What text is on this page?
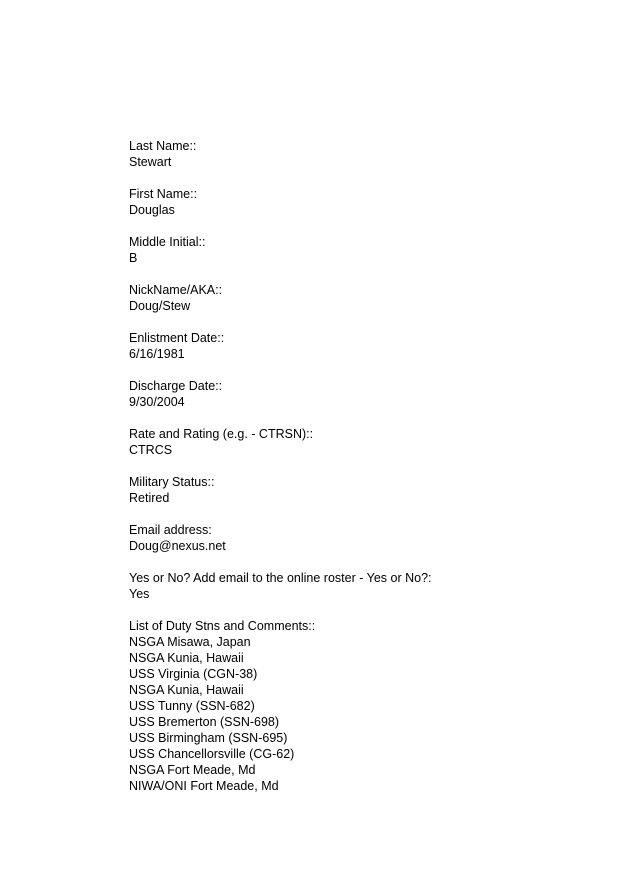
Last Name::
Stewart
First Name::
Douglas
Middle Initial::
B
NickName/AKA::
Doug/Stew
Enlistment Date::
6/16/1981
Discharge Date::
9/30/2004
Rate and Rating (e.g. - CTRSN)::
CTRCS
Military Status::
Retired
Email address:
Doug@nexus.net
Yes or No? Add email to the online roster - Yes or No?:
Yes
List of Duty Stns and Comments::
NSGA Misawa, Japan
NSGA Kunia, Hawaii
USS Virginia (CGN-38)
NSGA Kunia, Hawaii
USS Tunny (SSN-682)
USS Bremerton (SSN-698)
USS Birmingham (SSN-695)
USS Chancellorsville (CG-62)
NSGA Fort Meade, Md
NIWA/ONI Fort Meade, Md
